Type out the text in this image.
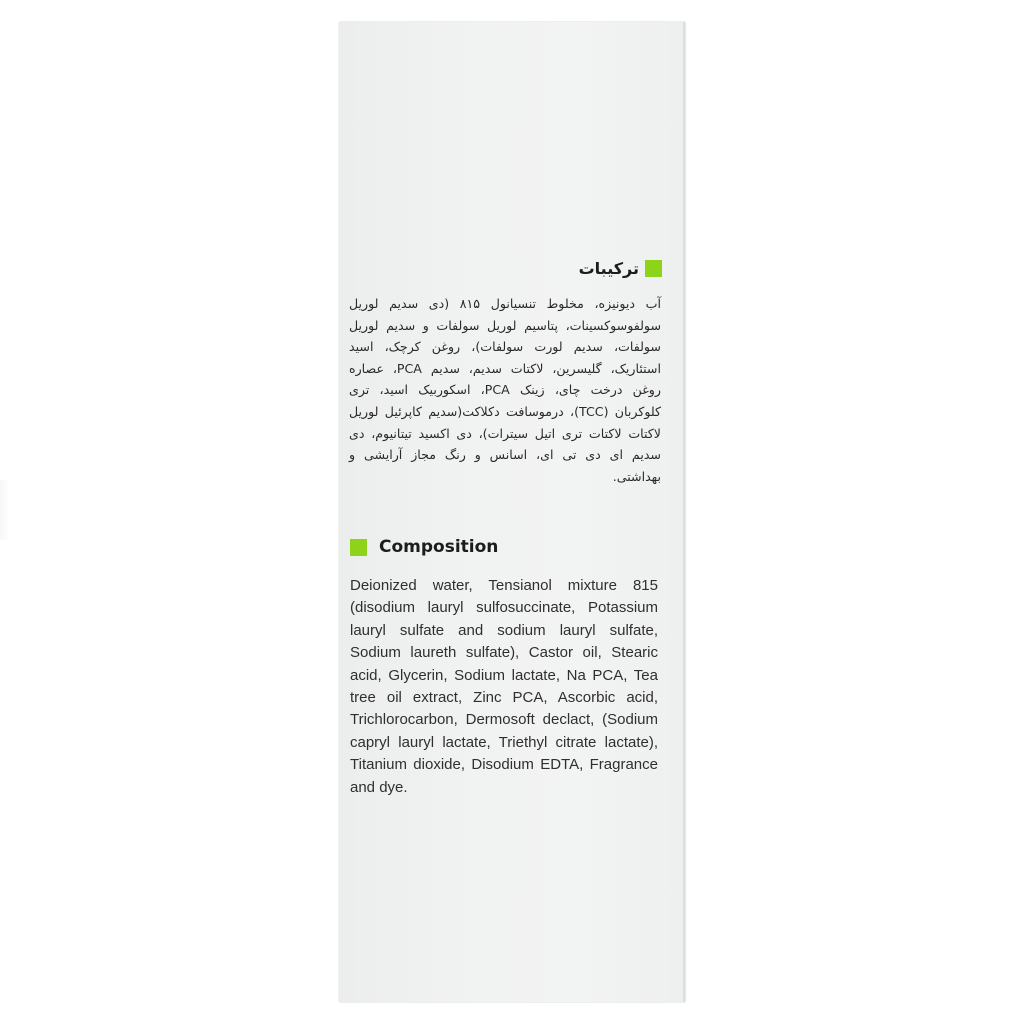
ترکیبات

آب دیونیزه، مخلوط تنسیانول ۸۱۵ (دی سدیم لوریل سولفوسوکسینات، پتاسیم لوریل سولفات و سدیم لوریل سولفات، سدیم لورت سولفات)، روغن کرچک، اسید استئاریک، گلیسرین، لاکتات سدیم، سدیم PCA، عصاره روغن درخت چای، زینک PCA، اسکوربیک اسید، تری کلوکربان (TCC)، درموسافت دکلاکت(سدیم کاپرئیل لوریل لاکتات لاکتات تری اتیل سیترات)، دی اکسید تیتانیوم، دی سدیم ای دی تی ای، اسانس و رنگ مجاز آرایشی و بهداشتی.

Composition

Deionized water, Tensianol mixture 815 (disodium lauryl sulfosuccinate, Potassium lauryl sulfate and sodium lauryl sulfate, Sodium laureth sulfate), Castor oil, Stearic acid, Glycerin, Sodium lactate, Na PCA, Tea tree oil extract, Zinc PCA, Ascorbic acid, Trichlorocarbon, Dermosoft declact, (Sodium capryl lauryl lactate, Triethyl citrate lactate), Titanium dioxide, Disodium EDTA, Fragrance and dye.
